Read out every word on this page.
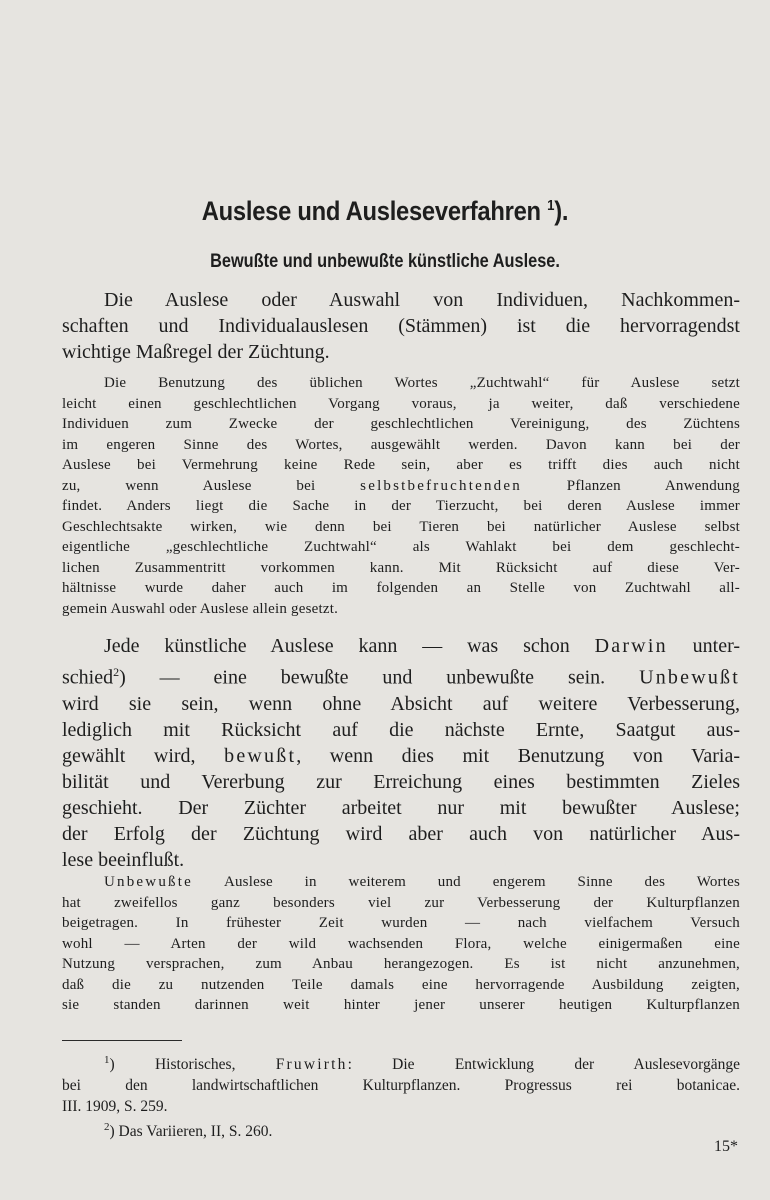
Auslese und Ausleseverfahren $^1$).
Bewußte und unbewußte künstliche Auslese.
Die Auslese oder Auswahl von Individuen, Nachkommen-
schaften und Individualauslesen (Stämmen) ist die hervorragendst
wichtige Maßregel der Züchtung.
Die Benutzung des üblichen Wortes „Zuchtwahl“ für Auslese setzt
leicht einen geschlechtlichen Vorgang voraus, ja weiter, daß verschiedene
Individuen zum Zwecke der geschlechtlichen Vereinigung, des Züchtens
im engeren Sinne des Wortes, ausgewählt werden. Davon kann bei der
Auslese bei Vermehrung keine Rede sein, aber es trifft dies auch nicht
zu, wenn Auslese bei	selbstbefruchtenden	Pflanzen Anwendung
findet. Anders liegt die Sache in der Tierzucht, bei deren Auslese immer
Geschlechtsakte wirken, wie denn bei Tieren bei natürlicher Auslese selbst
eigentliche „geschlechtliche Zuchtwahl“ als Wahlakt bei dem geschlecht-
lichen Zusammentritt vorkommen kann. Mit Rücksicht auf diese Ver-
hältnisse wurde daher auch im folgenden an Stelle von Zuchtwahl all-
gemein Auswahl oder Auslese allein gesetzt.
Jede künstliche Auslese kann — was schon Darwin unter-
schied$^2$) — eine bewußte und unbewußte sein. Unbewußt
wird sie sein, wenn ohne Absicht auf weitere Verbesserung,
lediglich mit Rücksicht auf die nächste Ernte, Saatgut aus-
gewählt wird, bewußt, wenn dies mit Benutzung von Varia-
bilität und Vererbung zur Erreichung eines bestimmten Zieles
geschieht. Der Züchter arbeitet nur mit bewußter Auslese;
der Erfolg der Züchtung wird aber auch von natürlicher Aus-
lese beeinflußt.
Unbewußte Auslese in weiterem und engerem Sinne des Wortes
hat zweifellos ganz besonders viel zur Verbesserung der Kulturpflanzen
beigetragen. In frühester Zeit wurden — nach vielfachem Versuch
wohl — Arten der wild wachsenden Flora, welche einigermaßen eine
Nutzung versprachen, zum Anbau herangezogen. Es ist nicht anzunehmen,
daß die zu nutzenden Teile damals eine hervorragende Ausbildung zeigten,
sie standen darinnen weit hinter jener unserer heutigen Kulturpflanzen
$^1$) Historisches,	Fruwirth: Die Entwicklung der Auslesevorgänge
bei den landwirtschaftlichen Kulturpflanzen. Progressus rei botanicae.
III. 1909, S. 259.
$^2$) Das Variieren, II, S. 260.
15*
